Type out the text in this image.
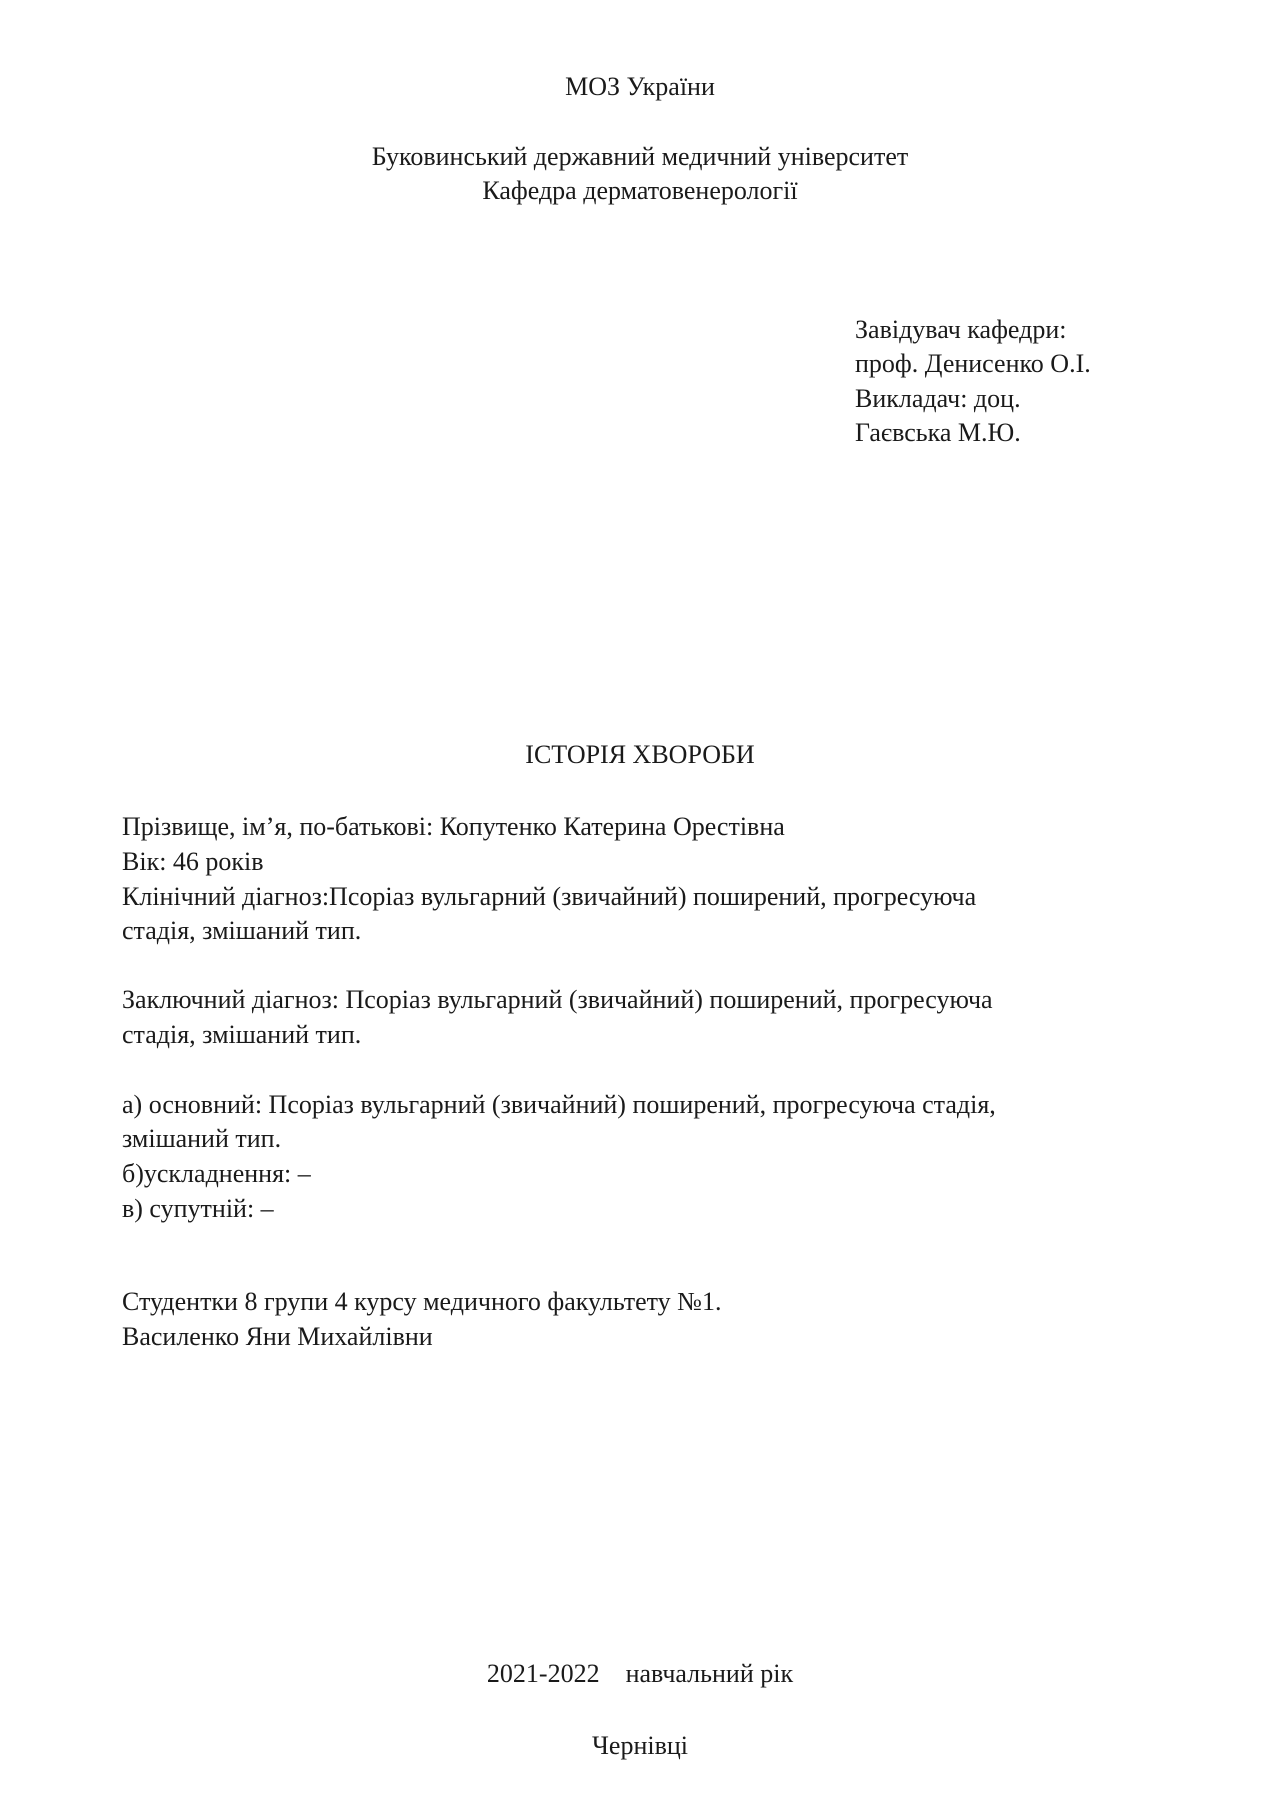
МОЗ України
Буковинський державний медичний університет
Кафедра дерматовенерології
Завідувач кафедри:
проф. Денисенко О.І.
Викладач: доц.
Гаєвська М.Ю.
ІСТОРІЯ ХВОРОБИ
Прізвище, ім’я, по-батькові: Копутенко Катерина Орестівна
Вік: 46 років
Клінічний діагноз:Псоріаз вульгарний (звичайний) поширений, прогресуюча
стадія, змішаний тип.
Заключний діагноз: Псоріаз вульгарний (звичайний) поширений, прогресуюча
стадія, змішаний тип.
а) основний: Псоріаз вульгарний (звичайний) поширений, прогресуюча стадія,
змішаний тип.
б)ускладнення: –
в) супутній: –
Студентки 8 групи 4 курсу медичного факультету №1.
Василенко Яни Михайлівни
2021-2022 навчальний рік
Чернівці
